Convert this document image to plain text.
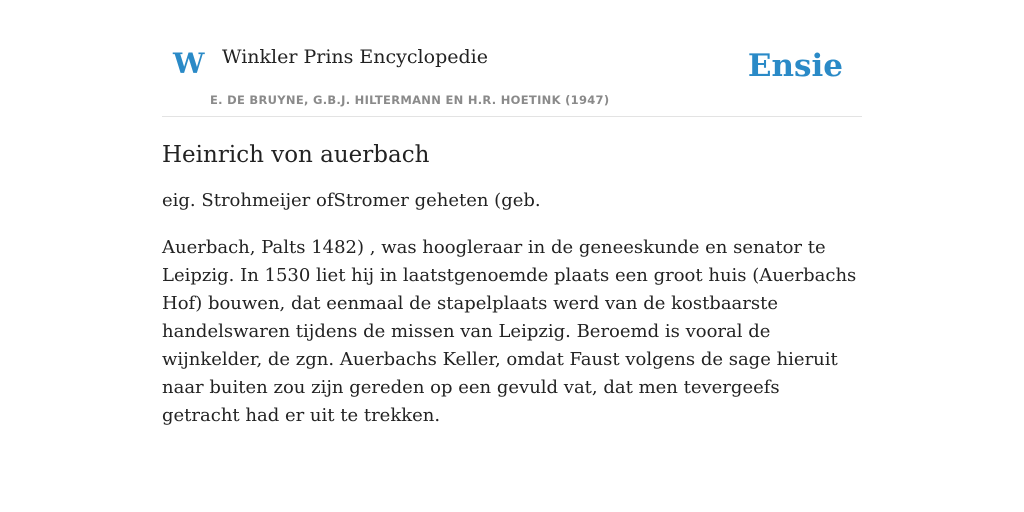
W Winkler Prins Encyclopedie
E. DE BRUYNE, G.B.J. HILTERMANN EN H.R. HOETINK (1947)
Ensie
Heinrich von auerbach

eig. Strohmeijer ofStromer geheten (geb.

Auerbach, Palts 1482) , was hoogleraar in de geneeskunde en senator te Leipzig. In 1530 liet hij in laatstgenoemde plaats een groot huis (Auerbachs Hof) bouwen, dat eenmaal de stapelplaats werd van de kostbaarste handelswaren tijdens de missen van Leipzig. Beroemd is vooral de wijnkelder, de zgn. Auerbachs Keller, omdat Faust volgens de sage hieruit naar buiten zou zijn gereden op een gevuld vat, dat men tevergeefs getracht had er uit te trekken.
